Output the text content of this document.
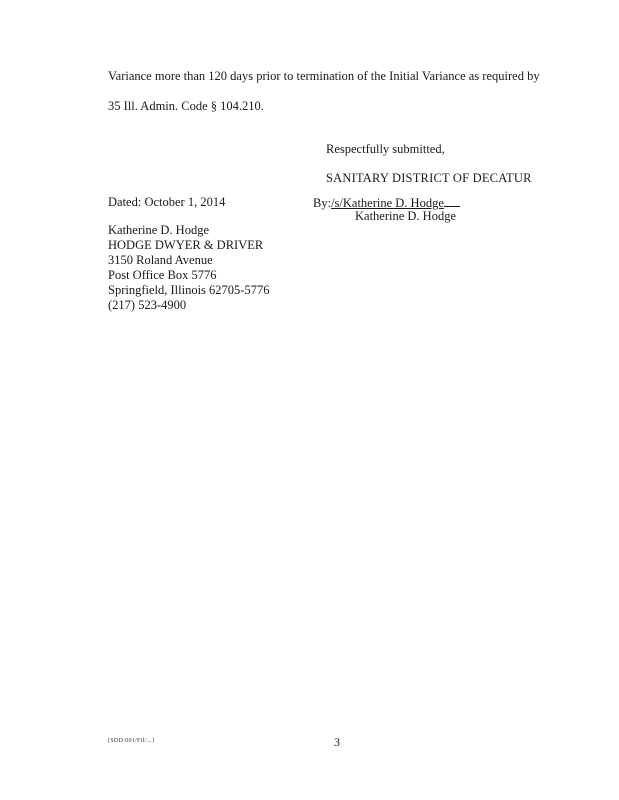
Variance more than 120 days prior to termination of the Initial Variance as required by
35 Ill. Admin. Code § 104.210.
Respectfully submitted,
SANITARY DISTRICT OF DECATUR
Dated: October 1, 2014	By:/s/Katherine D. Hodge
Katherine D. Hodge
Katherine D. Hodge
HODGE DWYER & DRIVER
3150 Roland Avenue
Post Office Box 5776
Springfield, Illinois 62705-5776
(217) 523-4900
[SDD:001/Fil/...]	3
